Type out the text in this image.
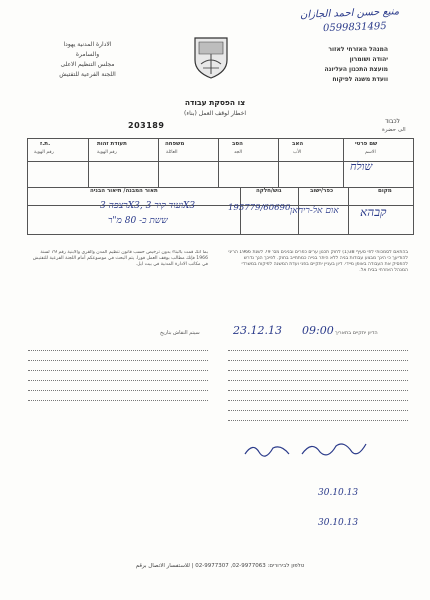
منيع حسن احمد الجازان
0599831495
الادارة المدنية يهودا
والسامرة
مجلس التنظيم الاعلى
اللجنة الفرعية للتفتيش
המנהל האזרחי לאזור
יהודה ושומרון
מועצת התכנון העליונה
וועדת משנה לפיקוח
צו הפסקת עבודה
(اخطار لوقف العمل (بناء
203189	לכבוד
الى حضرة
שם פרטי
الاسم
האב
الأب
הסב
الجد
משפחה
العائلة
תעודת זהות
رقم الهوية
ת.ז.
رقم الهوية
שולח
מקום
כפר/ישוב
גוש/חלקה
תאור המבנה/ תיאור הבניה
קבהא
אום אל-ריחאן
195779/60690
רצפה 3X3, ועוד קיר 3X3
ששת כ- 80 מ"ר
בהתאם לסמכותי לפי סעיף 38(1) לחוק תכנון ערים כפרים ובנינים מס' 79 לשנת 1966 הריני להודיעך כי הינך מבצע עבודות בניה ללא היתר בנייה כמתחייב בחוק. לפיכך הנך נדרש להפסיק את העבודה באופן מיידי. דיון בעניין יתקיים בפני ועדת המשנה לפיקוח במשרדי המנהל האזרחי בבית אל.
بما أنك قمت بالبناء بدون ترخيص حسب قانون تنظيم المدن والقرى والابنية رقم 79 لسنة 1966 فإنك مطالب بوقف العمل فورا. يتم البحث في موضوعكم أمام اللجنة الفرعية للتفتيش في مكاتب الادارة المدنية في بيت ايل.
הדיון יתקיים בתאריך
09:00
23.12.13
سيتم النقاش بتاريخ
30.10.13
30.10.13
טלפון לבירורים: 02-9977063, 02-9977307 | للاستفسار الاتصال برقم
